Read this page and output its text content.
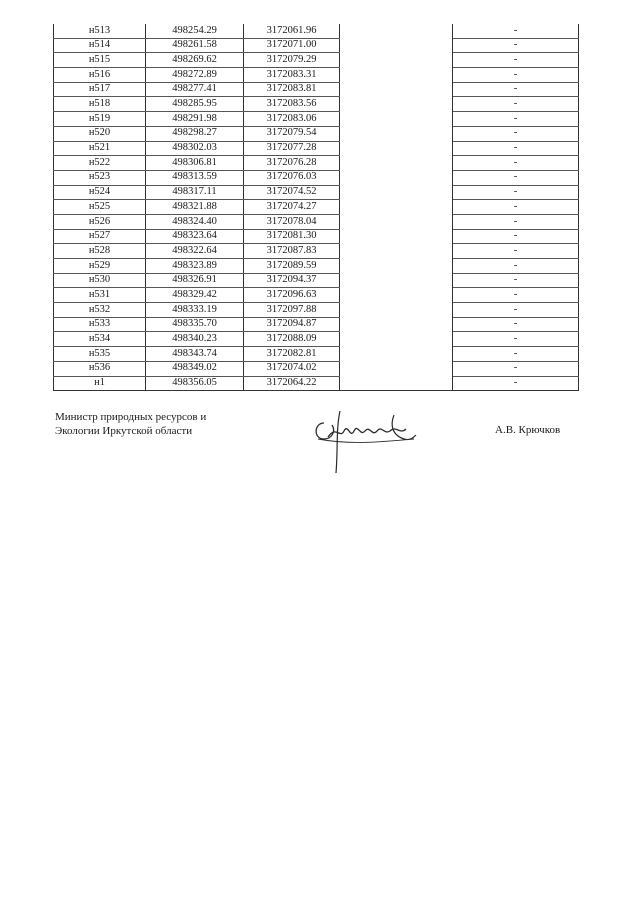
н513	498254.29	3172061.96		-
н514	498261.58	3172071.00		-
н515	498269.62	3172079.29		-
н516	498272.89	3172083.31		-
н517	498277.41	3172083.81		-
н518	498285.95	3172083.56		-
н519	498291.98	3172083.06		-
н520	498298.27	3172079.54		-
н521	498302.03	3172077.28		-
н522	498306.81	3172076.28		-
н523	498313.59	3172076.03		-
н524	498317.11	3172074.52		-
н525	498321.88	3172074.27		-
н526	498324.40	3172078.04		-
н527	498323.64	3172081.30		-
н528	498322.64	3172087.83		-
н529	498323.89	3172089.59		-
н530	498326.91	3172094.37		-
н531	498329.42	3172096.63		-
н532	498333.19	3172097.88		-
н533	498335.70	3172094.87		-
н534	498340.23	3172088.09		-
н535	498343.74	3172082.81		-
н536	498349.02	3172074.02		-
н1	498356.05	3172064.22		-
Министр природных ресурсов и
Экологии Иркутской области	А.В. Крючков
